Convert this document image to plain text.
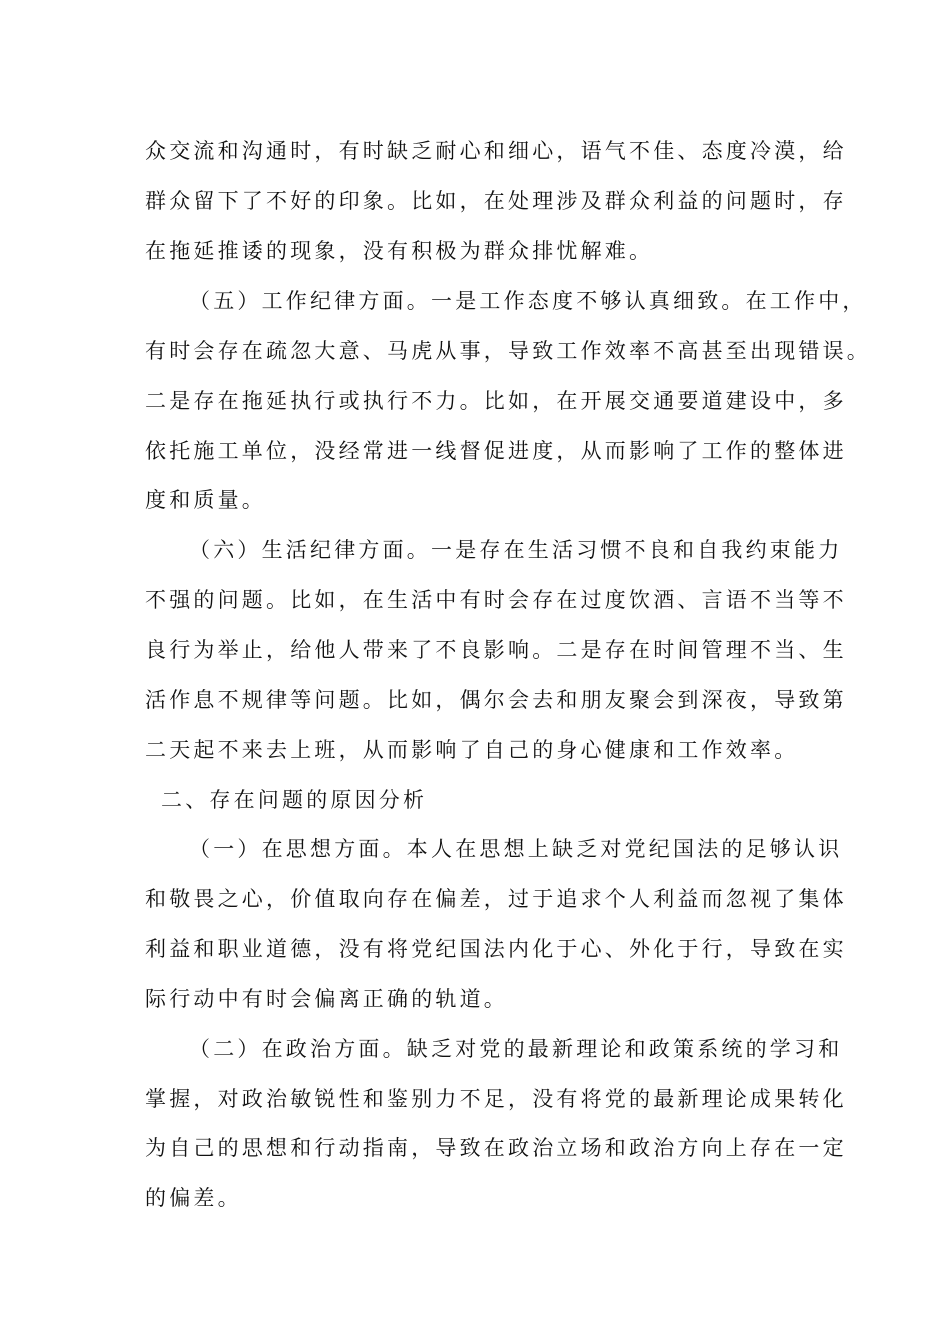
众交流和沟通时，有时缺乏耐心和细心，语气不佳、态度冷漠，给
群众留下了不好的印象。比如，在处理涉及群众利益的问题时，存
在拖延推诿的现象，没有积极为群众排忧解难。
（五）工作纪律方面。一是工作态度不够认真细致。在工作中，
有时会存在疏忽大意、马虎从事，导致工作效率不高甚至出现错误。
二是存在拖延执行或执行不力。比如，在开展交通要道建设中，多
依托施工单位，没经常进一线督促进度，从而影响了工作的整体进
度和质量。
（六）生活纪律方面。一是存在生活习惯不良和自我约束能力
不强的问题。比如，在生活中有时会存在过度饮酒、言语不当等不
良行为举止，给他人带来了不良影响。二是存在时间管理不当、生
活作息不规律等问题。比如，偶尔会去和朋友聚会到深夜，导致第
二天起不来去上班，从而影响了自己的身心健康和工作效率。
二、存在问题的原因分析
（一）在思想方面。本人在思想上缺乏对党纪国法的足够认识
和敬畏之心，价值取向存在偏差，过于追求个人利益而忽视了集体
利益和职业道德，没有将党纪国法内化于心、外化于行，导致在实
际行动中有时会偏离正确的轨道。
（二）在政治方面。缺乏对党的最新理论和政策系统的学习和
掌握，对政治敏锐性和鉴别力不足，没有将党的最新理论成果转化
为自己的思想和行动指南，导致在政治立场和政治方向上存在一定
的偏差。
